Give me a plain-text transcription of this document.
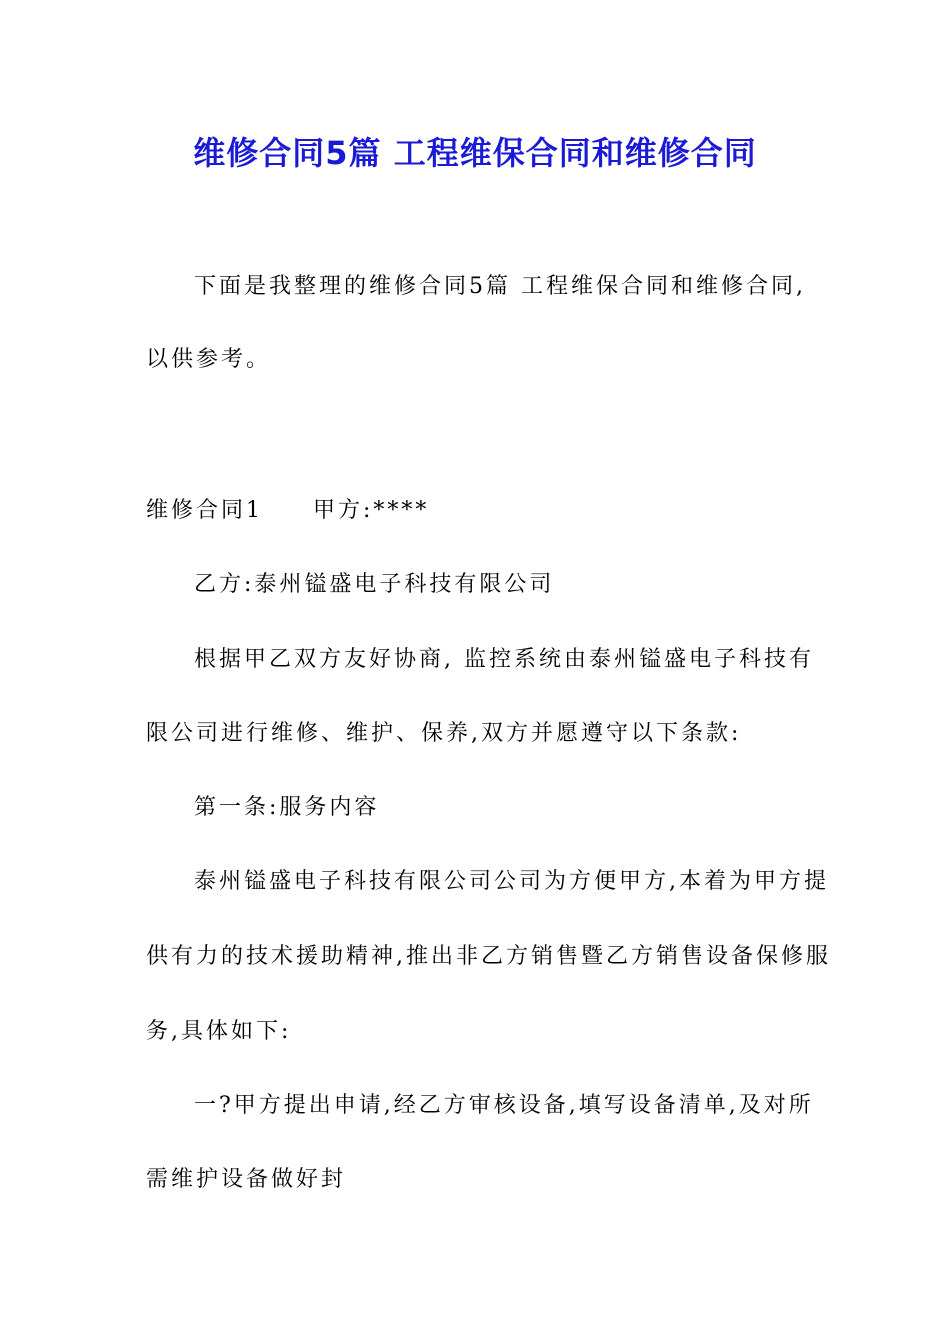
维修合同5篇 工程维保合同和维修合同
下面是我整理的维修合同5篇 工程维保合同和维修合同,
以供参考。
维修合同1 甲方:****
乙方:泰州镒盛电子科技有限公司
根据甲乙双方友好协商, 监控系统由泰州镒盛电子科技有
限公司进行维修、维护、保养,双方并愿遵守以下条款:
第一条:服务内容
泰州镒盛电子科技有限公司公司为方便甲方,本着为甲方提
供有力的技术援助精神,推出非乙方销售暨乙方销售设备保修服
务,具体如下:
一?甲方提出申请,经乙方审核设备,填写设备清单,及对所
需维护设备做好封
